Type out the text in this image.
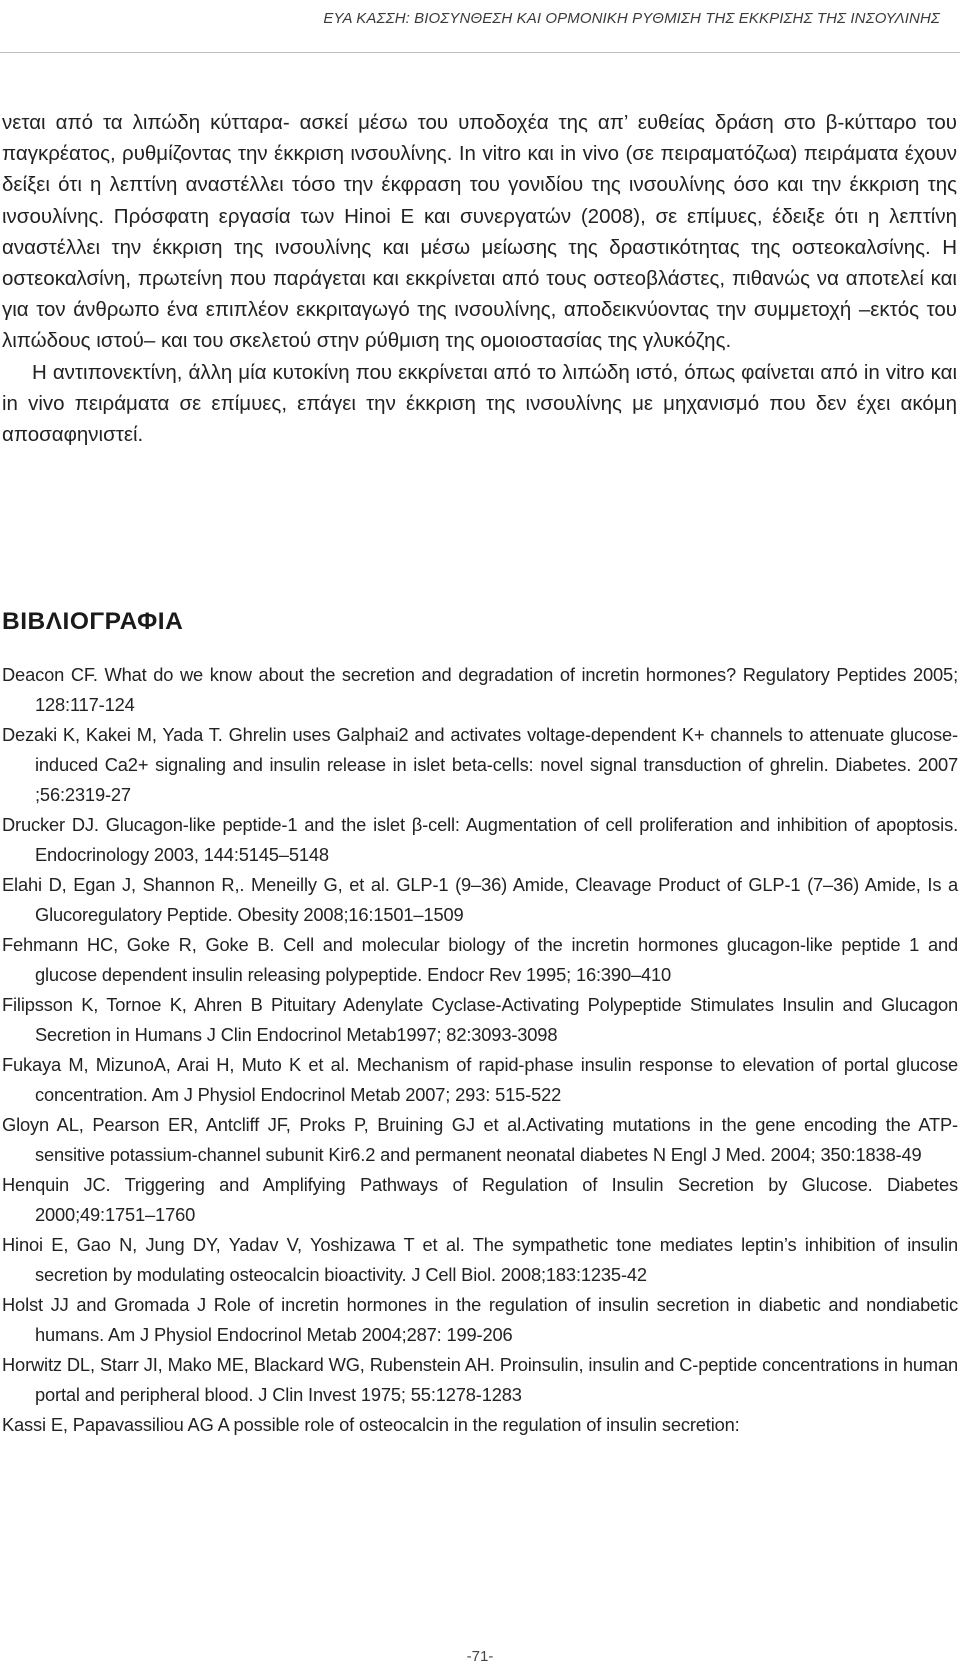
ΕΥΑ ΚΑΣΣΗ: ΒΙΟΣΥΝΘΕΣΗ ΚΑΙ ΟΡΜΟΝΙΚΗ ΡΥΘΜΙΣΗ ΤΗΣ ΕΚΚΡΙΣΗΣ ΤΗΣ ΙΝΣΟΥΛΙΝΗΣ

νεται από τα λιπώδη κύτταρα- ασκεί μέσω του υποδοχέα της απ’ ευθείας δράση στο β-κύτταρο του παγκρέατος, ρυθμίζοντας την έκκριση ινσουλίνης. In vitro και in vivo (σε πειραματόζωα) πειράματα έχουν δείξει ότι η λεπτίνη αναστέλλει τόσο την έκφραση του γονιδίου της ινσουλίνης όσο και την έκκριση της ινσουλίνης. Πρόσφατη εργασία των Hinoi E και συνεργατών (2008), σε επίμυες, έδειξε ότι η λεπτίνη αναστέλλει την έκκριση της ινσουλίνης και μέσω μείωσης της δραστικότητας της οστεοκαλσίνης. Η οστεοκαλσίνη, πρωτείνη που παράγεται και εκκρίνεται από τους οστεοβλάστες, πιθανώς να αποτελεί και για τον άνθρωπο ένα επιπλέον εκκριταγωγό της ινσουλίνης, αποδεικνύοντας την συμμετοχή –εκτός του λιπώδους ιστού– και του σκελετού στην ρύθμιση της ομοιοστασίας της γλυκόζης.

Η αντιπονεκτίνη, άλλη μία κυτοκίνη που εκκρίνεται από το λιπώδη ιστό, όπως φαίνεται από in vitro και in vivo πειράματα σε επίμυες, επάγει την έκκριση της ινσουλίνης με μηχανισμό που δεν έχει ακόμη αποσαφηνιστεί.

ΒΙΒΛΙΟΓΡΑΦΙΑ

Deacon CF. What do we know about the secretion and degradation of incretin hormones? Regulatory Peptides 2005; 128:117-124

Dezaki K, Kakei M, Yada T. Ghrelin uses Galphai2 and activates voltage-dependent K+ channels to attenuate glucose-induced Ca2+ signaling and insulin release in islet beta-cells: novel signal transduction of ghrelin. Diabetes. 2007 ;56:2319-27

Drucker DJ. Glucagon-like peptide-1 and the islet β-cell: Augmentation of cell proliferation and inhibition of apoptosis. Endocrinology 2003, 144:5145–5148

Elahi D, Egan J, Shannon R,. Meneilly G, et al. GLP-1 (9–36) Amide, Cleavage Product of GLP-1 (7–36) Amide, Is a Glucoregulatory Peptide. Obesity 2008;16:1501–1509

Fehmann HC, Goke R, Goke B. Cell and molecular biology of the incretin hormones glucagon-like peptide 1 and glucose dependent insulin releasing polypeptide. Endocr Rev 1995; 16:390–410

Filipsson K, Tornoe K, Ahren B Pituitary Adenylate Cyclase-Activating Polypeptide Stimulates Insulin and Glucagon Secretion in Humans J Clin Endocrinol Metab1997; 82:3093-3098

Fukaya M, MizunoA, Arai H, Muto K et al. Mechanism of rapid-phase insulin response to elevation of portal glucose concentration. Am J Physiol Endocrinol Metab 2007; 293: 515-522

Gloyn AL, Pearson ER, Antcliff JF, Proks P, Bruining GJ et al.Activating mutations in the gene encoding the ATP-sensitive potassium-channel subunit Kir6.2 and permanent neonatal diabetes N Engl J Med. 2004; 350:1838-49

Henquin JC. Triggering and Amplifying Pathways of Regulation of Insulin Secretion by Glucose. Diabetes 2000;49:1751–1760

Hinoi E, Gao N, Jung DY, Yadav V, Yoshizawa T et al. The sympathetic tone mediates leptin’s inhibition of insulin secretion by modulating osteocalcin bioactivity. J Cell Biol. 2008;183:1235-42

Holst JJ and Gromada J Role of incretin hormones in the regulation of insulin secretion in diabetic and nondiabetic humans. Am J Physiol Endocrinol Metab 2004;287: 199-206

Horwitz DL, Starr JI, Mako ME, Blackard WG, Rubenstein AH. Proinsulin, insulin and C-peptide concentrations in human portal and peripheral blood. J Clin Invest 1975; 55:1278-1283

Kassi E, Papavassiliou AG A possible role of osteocalcin in the regulation of insulin secretion:

-71-
